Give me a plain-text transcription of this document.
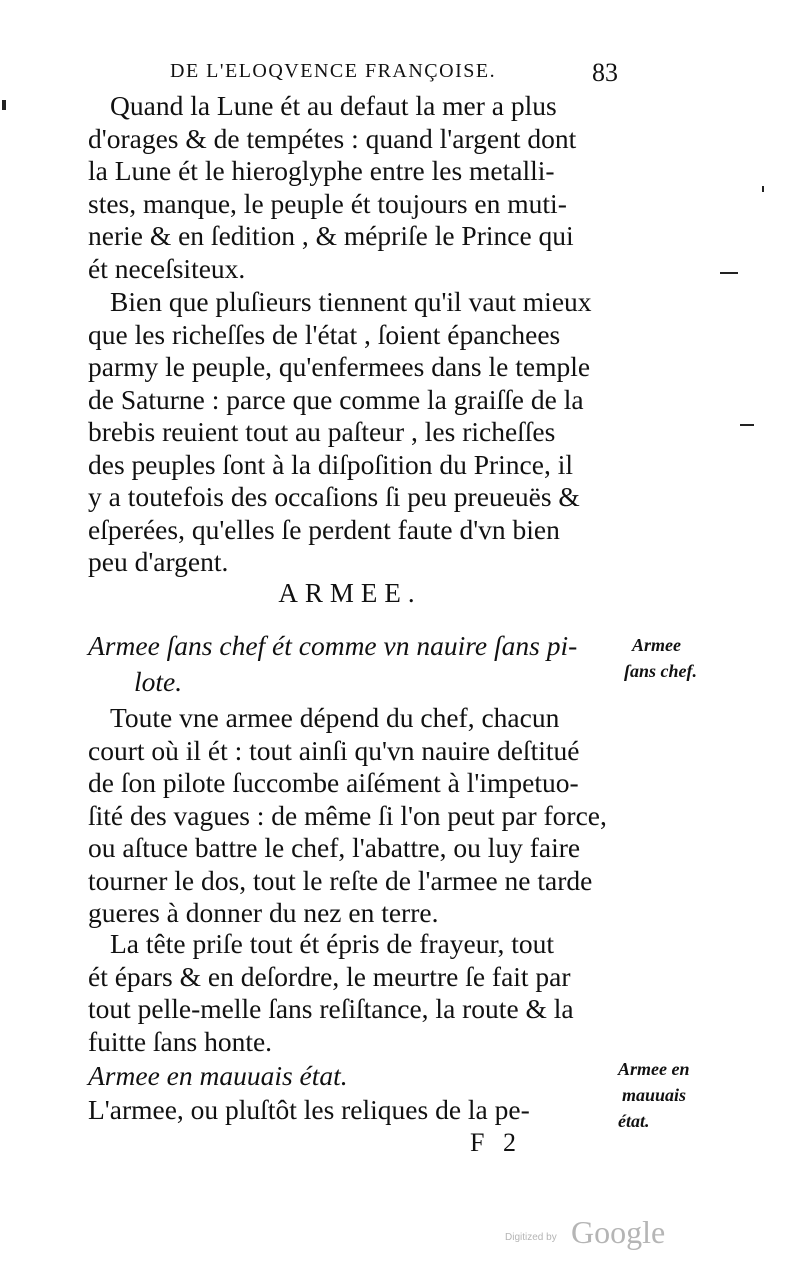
DE L'ELOQVENCE FRANÇOISE.	83

Quand la Lune ét au defaut la mer a plus
d'orages & de tempétes : quand l'argent dont
la Lune ét le hieroglyphe entre les metalli-
stes, manque, le peuple ét toujours en muti-
nerie & en ſedition , & mépriſe le Prince qui
ét neceſsiteux.

Bien que pluſieurs tiennent qu'il vaut mieux
que les richeſſes de l'état , ſoient épanchees
parmy le peuple, qu'enfermees dans le temple
de Saturne : parce que comme la graiſſe de la
brebis reuient tout au paſteur , les richeſſes
des peuples ſont à la diſpoſition du Prince, il
y a toutefois des occaſions ſi peu preueuës &
eſperées, qu'elles ſe perdent faute d'vn bien
peu d'argent.

ARMEE.
Armee ſans chef ét comme vn nauire ſans pi-
lote.
Armee
ſans chef.

Toute vne armee dépend du chef, chacun
court où il ét : tout ainſi qu'vn nauire deſtitué
de ſon pilote ſuccombe aiſément à l'impetuo-
ſité des vagues : de même ſi l'on peut par force,
ou aſtuce battre le chef, l'abattre, ou luy faire
tourner le dos, tout le reſte de l'armee ne tarde
gueres à donner du nez en terre.

La tête priſe tout ét épris de frayeur, tout
ét épars & en deſordre, le meurtre ſe fait par
tout pelle-melle ſans reſiſtance, la route & la
fuitte ſans honte.

Armee en mauuais état.	Armee en
mauuais
état.
L'armee, ou pluſtôt les reliques de la pe-
F 2
Digitized by Google
